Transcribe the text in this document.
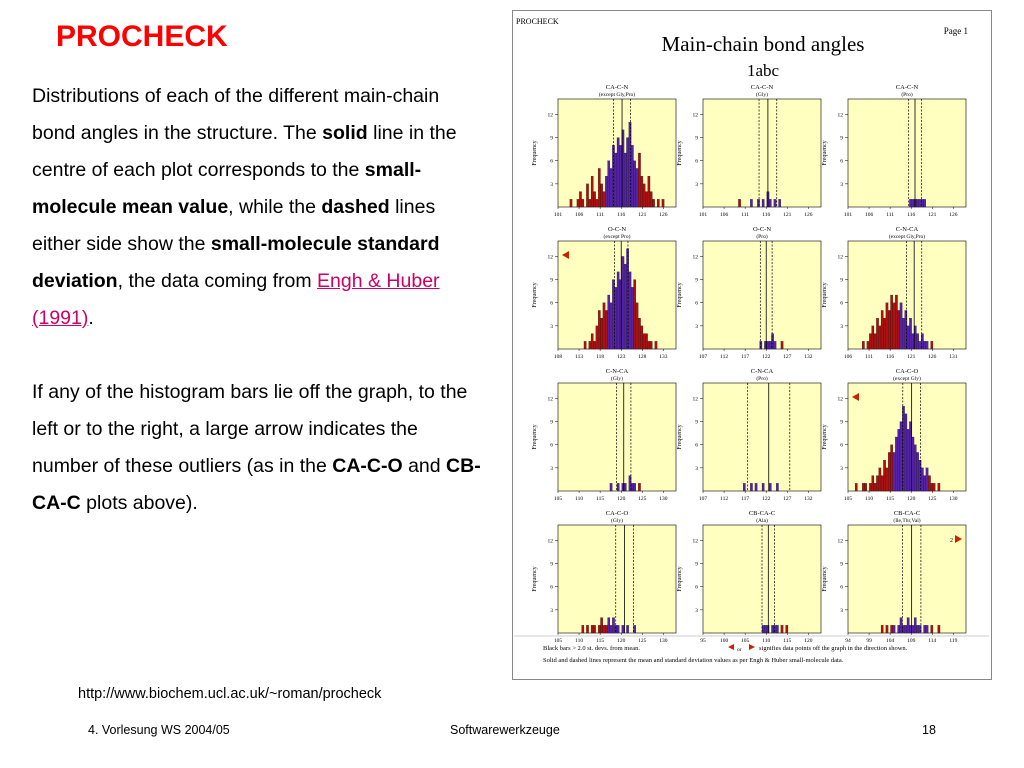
PROCHECK
Distributions of each of the different main-chain bond angles in the structure. The solid line in the centre of each plot corresponds to the small-molecule mean value, while the dashed lines either side show the small-molecule standard deviation, the data coming from Engh & Huber (1991).
If any of the histogram bars lie off the graph, to the left or to the right, a large arrow indicates the number of these outliers (as in the CA-C-O and CB-CA-C plots above).
PROCHECK
Main-chain bond angles
1abc
Page 1
CA-C-N
(except Gly,Pro)
12
9
6
3
Frequency
101 106 111 116 121 126
CA-C-N
(Gly)
12
9
6
3
Frequency
101 106 111 116 121 126
CA-C-N
(Pro)
12
9
6
3
Frequency
101 106 111 116 121 126
O-C-N
(except Pro)
12
9
6
3
Frequency
108 113 118 123 128 133
O-C-N
(Pro)
12
9
6
3
Frequency
107 112 117 122 127 132
C-N-CA
(except Gly,Pro)
12
9
6
3
Frequency
106 111 116 121 126 131
C-N-CA
(Gly)
12
9
6
3
Frequency
105 110 115 120 125 130
C-N-CA
(Pro)
12
9
6
3
Frequency
107 112 117 122 127 132
CA-C-O
(except Gly)
12
9
6
3
Frequency
105 110 115 120 125 130
CA-C-O
(Gly)
12
9
6
3
Frequency
105 110 115 120 125 130
CB-CA-C
(Ala)
12
9
6
3
Frequency
95	100 105 110 115 120
CB-CA-C
(Ile,Thr,Val)
12
9
6
3
Frequency
94	99	104 109 114 119
2
Black bars > 2.0 st. devs. from mean.	or	signifies data points off the graph in the direction shown.
Solid and dashed lines represent the mean and standard deviation values as per Engh & Huber small-molecule data.
http://www.biochem.ucl.ac.uk/~roman/procheck
4. Vorlesung WS 2004/05	Softwarewerkzeuge	18
